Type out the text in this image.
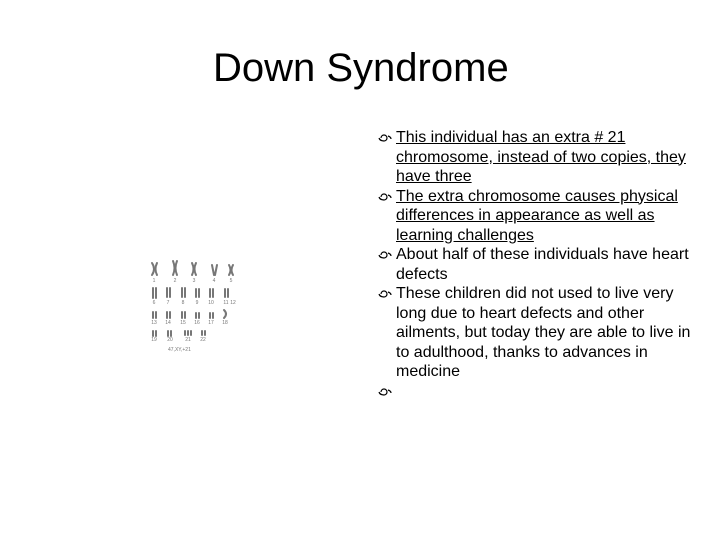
Down Syndrome
1	2	3	4	5
6 7 8 9 10 11 12
13 14 15 16 17 18
19 20 21 22
47,XY,+21
This individual has an extra # 21 chromosome, instead of two copies, they have three
The extra chromosome causes physical differences in appearance as well as learning challenges
About half of these individuals have heart defects
These children did not used to live very long due to heart defects and other ailments, but today they are able to live in to adulthood, thanks to advances in medicine
